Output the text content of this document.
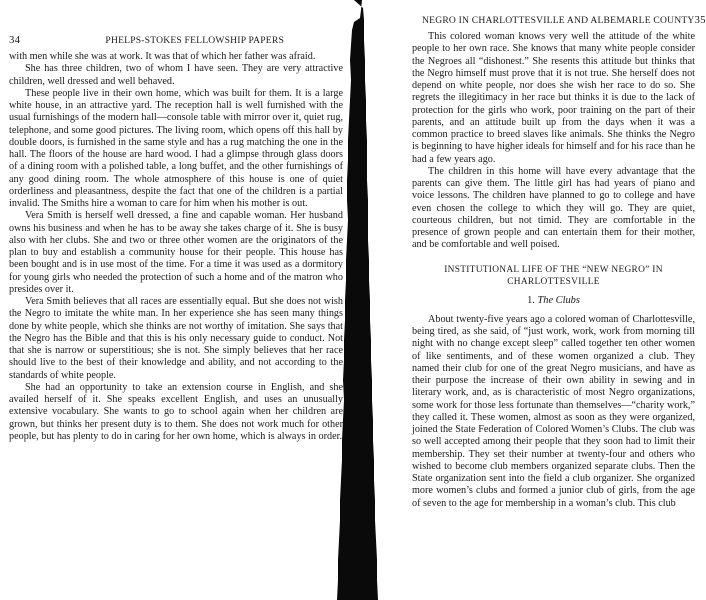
34	PHELPS-STOKES FELLOWSHIP PAPERS

with men while she was at work. It was that of which her father was afraid.

She has three children, two of whom I have seen. They are very attractive children, well dressed and well behaved.

These people live in their own home, which was built for them. It is a large white house, in an attractive yard. The reception hall is well furnished with the usual furnishings of the modern hall—console table with mirror over it, quiet rug, telephone, and some good pictures. The living room, which opens off this hall by double doors, is furnished in the same style and has a rug matching the one in the hall. The floors of the house are hard wood. I had a glimpse through glass doors of a dining room with a polished table, a long buffet, and the other furnishings of any good dining room. The whole atmosphere of this house is one of quiet orderliness and pleasantness, despite the fact that one of the children is a partial invalid. The Smiths hire a woman to care for him when his mother is out.

Vera Smith is herself well dressed, a fine and capable woman. Her husband owns his business and when he has to be away she takes charge of it. She is busy also with her clubs. She and two or three other women are the originators of the plan to buy and establish a community house for their people. This house has been bought and is in use most of the time. For a time it was used as a dormitory for young girls who needed the protection of such a home and of the matron who presides over it.

Vera Smith believes that all races are essentially equal. But she does not wish the Negro to imitate the white man. In her experience she has seen many things done by white people, which she thinks are not worthy of imitation. She says that the Negro has the Bible and that this is his only necessary guide to conduct. Not that she is narrow or superstitious; she is not. She simply believes that her race should live to the best of their knowledge and ability, and not according to the standards of white people.

She had an opportunity to take an extension course in English, and she availed herself of it. She speaks excellent English, and uses an unusually extensive vocabulary. She wants to go to school again when her children are grown, but thinks her present duty is to them. She does not work much for other people, but has plenty to do in caring for her own home, which is always in order.

NEGRO IN CHARLOTTESVILLE AND ALBEMARLE COUNTY 35

This colored woman knows very well the attitude of the white people to her own race. She knows that many white people consider the Negroes all “dishonest.” She resents this attitude but thinks that the Negro himself must prove that it is not true. She herself does not depend on white people, nor does she wish her race to do so. She regrets the illegitimacy in her race but thinks it is due to the lack of protection for the girls who work, poor training on the part of their parents, and an attitude built up from the days when it was a common practice to breed slaves like animals. She thinks the Negro is beginning to have higher ideals for himself and for his race than he had a few years ago.

The children in this home will have every advantage that the parents can give them. The little girl has had years of piano and voice lessons. The children have planned to go to college and have even chosen the college to which they will go. They are quiet, courteous children, but not timid. They are comfortable in the presence of grown people and can entertain them for their mother, and be comfortable and well poised.

INSTITUTIONAL LIFE OF THE “NEW NEGRO” IN
CHARLOTTESVILLE
1. The Clubs

About twenty-five years ago a colored woman of Charlottesville, being tired, as she said, of “just work, work, work from morning till night with no change except sleep” called together ten other women of like sentiments, and of these women organized a club. They named their club for one of the great Negro musicians, and have as their purpose the increase of their own ability in sewing and in literary work, and, as is characteristic of most Negro organizations, some work for those less fortunate than themselves—“charity work,” they called it. These women, almost as soon as they were organized, joined the State Federation of Colored Women’s Clubs. The club was so well accepted among their people that they soon had to limit their membership. They set their number at twenty-four and others who wished to become club members organized separate clubs. Then the State organization sent into the field a club organizer. She organized more women’s clubs and formed a junior club of girls, from the age of seven to the age for membership in a woman’s club. This club
